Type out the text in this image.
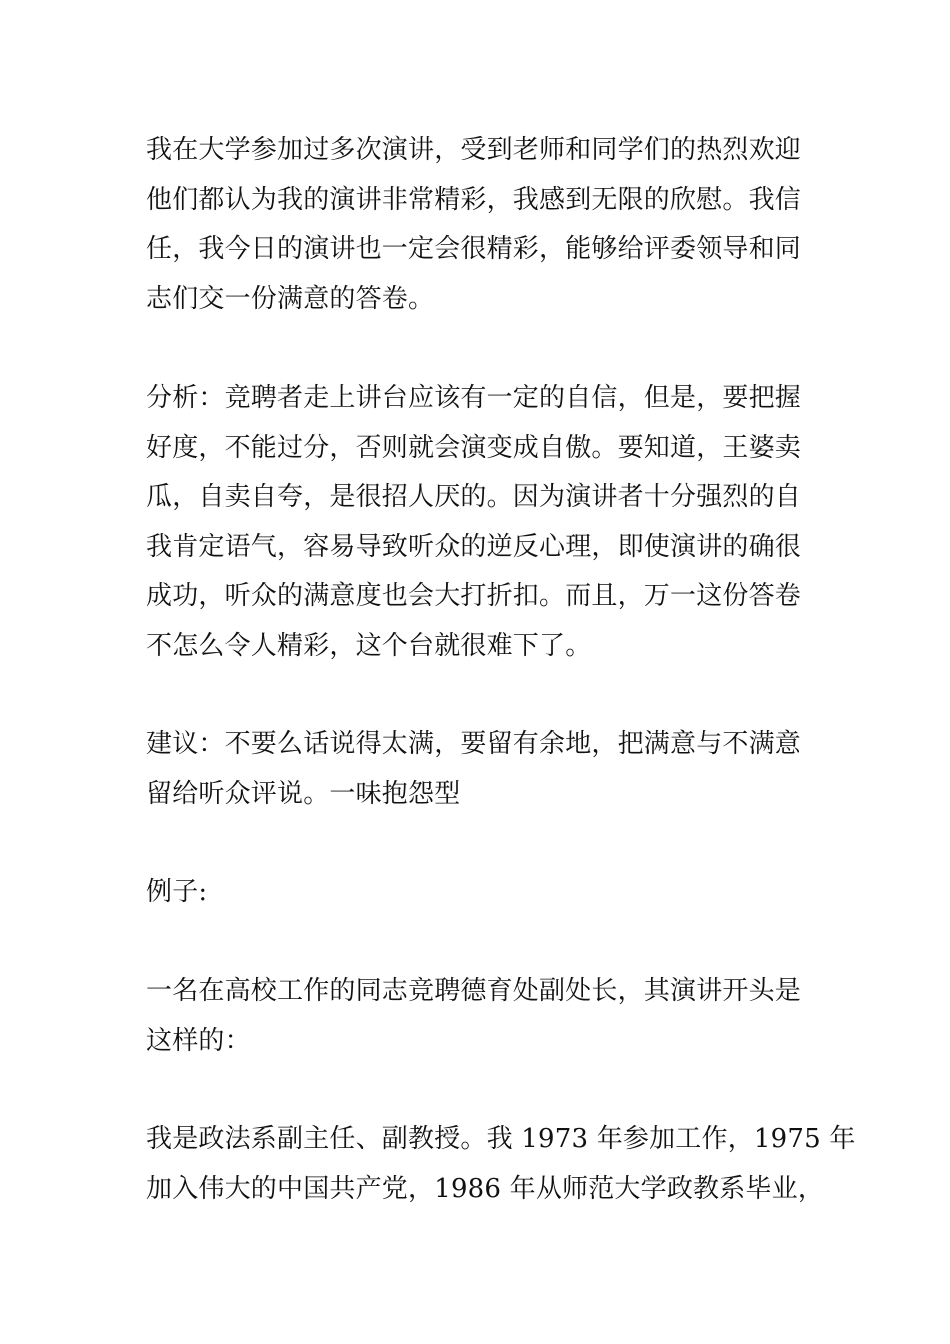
我在大学参加过多次演讲，受到老师和同学们的热烈欢迎
他们都认为我的演讲非常精彩，我感到无限的欣慰。我信
任，我今日的演讲也一定会很精彩，能够给评委领导和同
志们交一份满意的答卷。
分析：竞聘者走上讲台应该有一定的自信，但是，要把握
好度，不能过分，否则就会演变成自傲。要知道，王婆卖
瓜，自卖自夸，是很招人厌的。因为演讲者十分强烈的自
我肯定语气，容易导致听众的逆反心理，即使演讲的确很
成功，听众的满意度也会大打折扣。而且，万一这份答卷
不怎么令人精彩，这个台就很难下了。
建议：不要么话说得太满，要留有余地，把满意与不满意
留给听众评说。一味抱怨型
例子:
一名在高校工作的同志竞聘德育处副处长，其演讲开头是
这样的：
我是政法系副主任、副教授。我 1973 年参加工作，1975 年
加入伟大的中国共产党，1986 年从师范大学政教系毕业，
